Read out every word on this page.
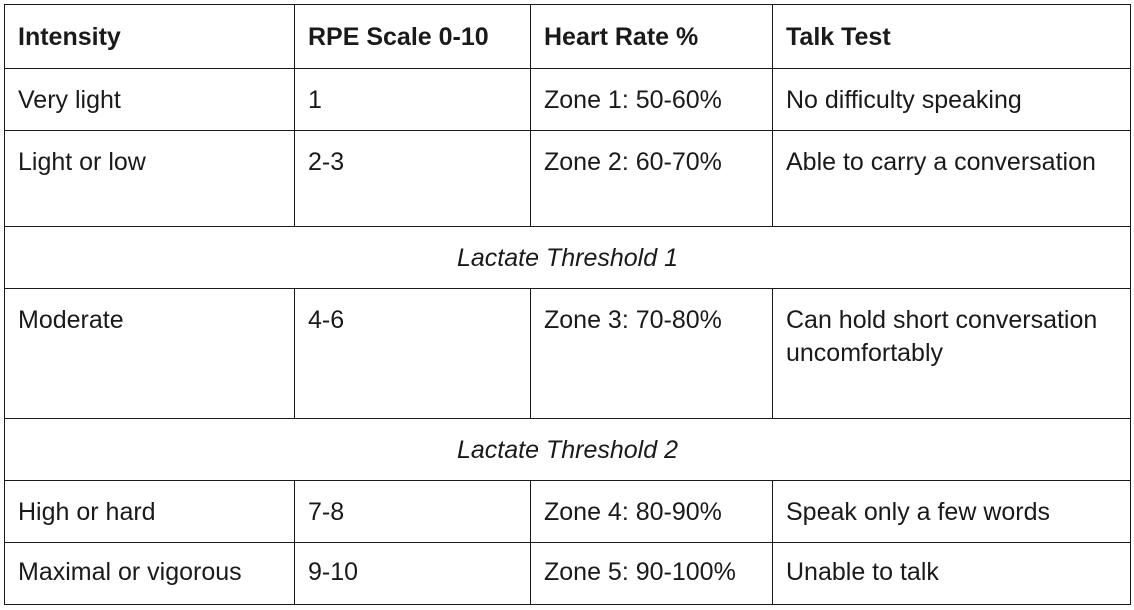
Intensity	RPE Scale 0-10	Heart Rate %	Talk Test
Very light	1	Zone 1: 50-60%	No difficulty speaking
Light or low	2-3	Zone 2: 60-70%	Able to carry a conversation
Lactate Threshold 1			
Moderate	4-6	Zone 3: 70-80%	Can hold short conversation uncomfortably
Lactate Threshold 2			
High or hard	7-8	Zone 4: 80-90%	Speak only a few words
Maximal or vigorous	9-10	Zone 5: 90-100%	Unable to talk
